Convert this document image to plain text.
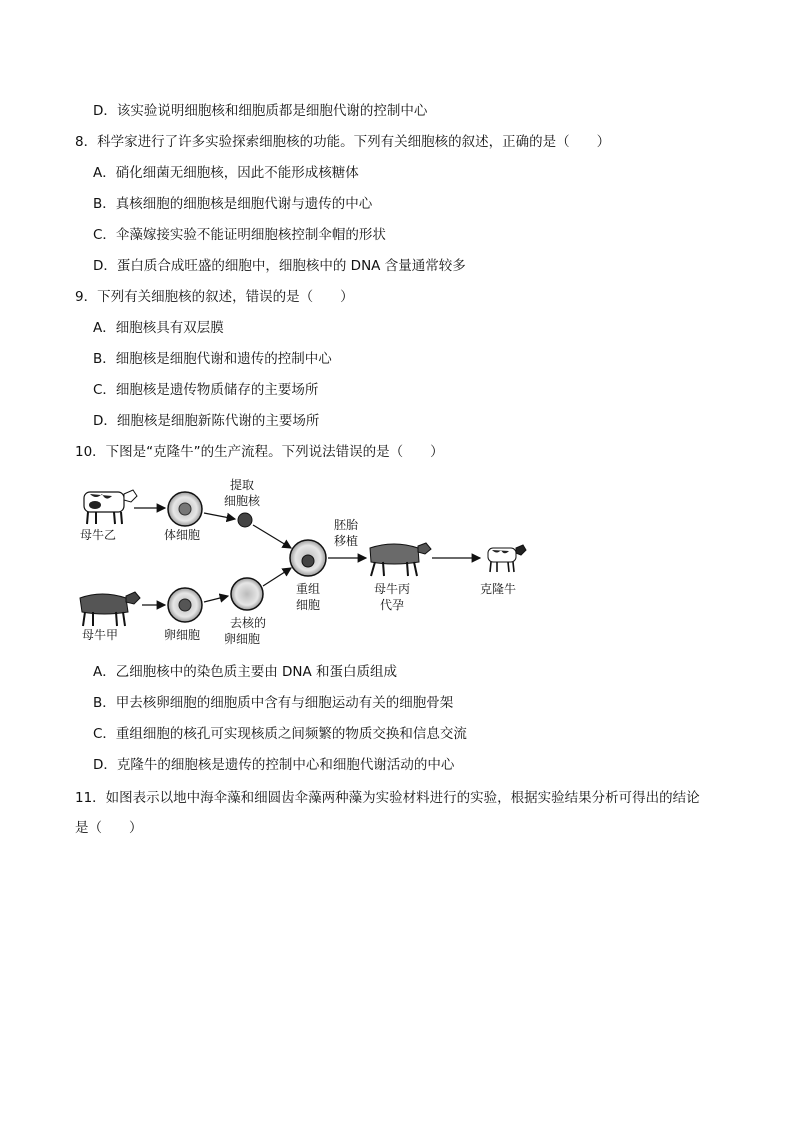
D．该实验说明细胞核和细胞质都是细胞代谢的控制中心
8．科学家进行了许多实验探索细胞核的功能。下列有关细胞核的叙述，正确的是（　　）
A．硝化细菌无细胞核，因此不能形成核糖体
B．真核细胞的细胞核是细胞代谢与遗传的中心
C．伞藻嫁接实验不能证明细胞核控制伞帽的形状
D．蛋白质合成旺盛的细胞中，细胞核中的 DNA 含量通常较多
9．下列有关细胞核的叙述，错误的是（　　）
A．细胞核具有双层膜
B．细胞核是细胞代谢和遗传的控制中心
C．细胞核是遗传物质储存的主要场所
D．细胞核是细胞新陈代谢的主要场所
10．下图是“克隆牛”的生产流程。下列说法错误的是（　　）
母牛乙	体细胞
提取
细胞核
胚胎
移植
重组
细胞
母牛丙
代孕
克隆牛
母牛甲	卵细胞
去核的
卵细胞
A．乙细胞核中的染色质主要由 DNA 和蛋白质组成
B．甲去核卵细胞的细胞质中含有与细胞运动有关的细胞骨架
C．重组细胞的核孔可实现核质之间频繁的物质交换和信息交流
D．克隆牛的细胞核是遗传的控制中心和细胞代谢活动的中心
11．如图表示以地中海伞藻和细圆齿伞藻两种藻为实验材料进行的实验，根据实验结果分析可得出的结论
是（　　）
